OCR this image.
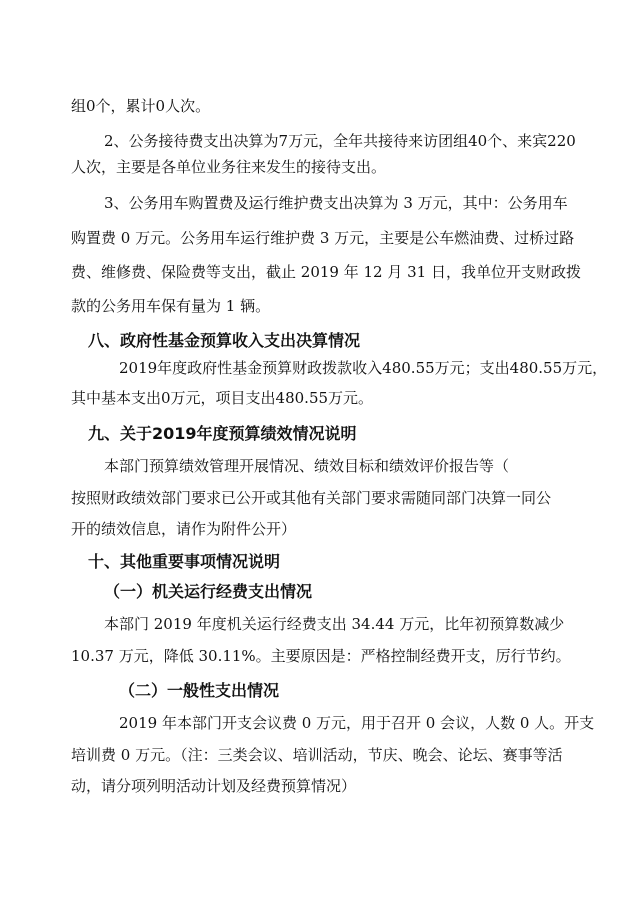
组0个，累计0人次。

2、公务接待费支出决算为7万元，全年共接待来访团组40个、来宾220

人次，主要是各单位业务往来发生的接待支出。

3、公务用车购置费及运行维护费支出决算为 3 万元，其中：公务用车

购置费 0 万元。公务用车运行维护费 3 万元，主要是公车燃油费、过桥过路

费、维修费、保险费等支出，截止 2019 年 12 月 31 日，我单位开支财政拨

款的公务用车保有量为 1 辆。

八、政府性基金预算收入支出决算情况

2019年度政府性基金预算财政拨款收入480.55万元；支出480.55万元，

其中基本支出0万元，项目支出480.55万元。

九、关于2019年度预算绩效情况说明

本部门预算绩效管理开展情况、绩效目标和绩效评价报告等（

按照财政绩效部门要求已公开或其他有关部门要求需随同部门决算一同公

开的绩效信息，请作为附件公开）

十、其他重要事项情况说明

（一）机关运行经费支出情况

本部门 2019 年度机关运行经费支出 34.44 万元，比年初预算数减少

10.37 万元，降低 30.11%。主要原因是：严格控制经费开支，厉行节约。

（二）一般性支出情况

2019 年本部门开支会议费 0 万元，用于召开 0 会议，人数 0 人。开支

培训费 0 万元。（注：三类会议、培训活动，节庆、晚会、论坛、赛事等活

动，请分项列明活动计划及经费预算情况）
